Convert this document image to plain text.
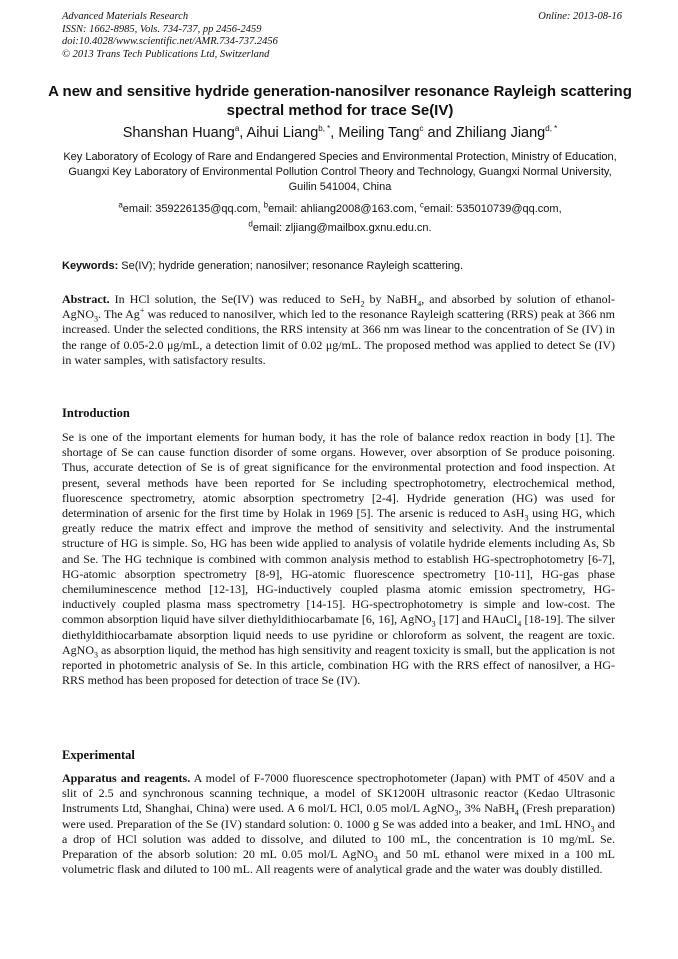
Advanced Materials Research
ISSN: 1662-8985, Vols. 734-737, pp 2456-2459
doi:10.4028/www.scientific.net/AMR.734-737.2456
© 2013 Trans Tech Publications Ltd, Switzerland
Online: 2013-08-16
A new and sensitive hydride generation-nanosilver resonance Rayleigh scattering spectral method for trace Se(IV)
Shanshan Huang$^a$, Aihui Liang$^{b, *}$, Meiling Tang$^c$ and Zhiliang Jiang$^{d, *}$
Key Laboratory of Ecology of Rare and Endangered Species and Environmental Protection, Ministry of Education, Guangxi Key Laboratory of Environmental Pollution Control Theory and Technology, Guangxi Normal University, Guilin 541004, China
$^a$email: 359226135@qq.com, $^b$email: ahliang2008@163.com, $^c$email: 535010739@qq.com,
$^d$email: zljiang@mailbox.gxnu.edu.cn.
Keywords: Se(IV); hydride generation; nanosilver; resonance Rayleigh scattering.
Abstract. In HCl solution, the Se(IV) was reduced to SeH$_2$ by NaBH$_4$, and absorbed by solution of ethanol-AgNO$_3$. The Ag+ was reduced to nanosilver, which led to the resonance Rayleigh scattering (RRS) peak at 366 nm increased. Under the selected conditions, the RRS intensity at 366 nm was linear to the concentration of Se (IV) in the range of 0.05-2.0 μg/mL, a detection limit of 0.02 μg/mL. The proposed method was applied to detect Se (IV) in water samples, with satisfactory results.
Introduction
Se is one of the important elements for human body, it has the role of balance redox reaction in body [1]. The shortage of Se can cause function disorder of some organs. However, over absorption of Se produce poisoning. Thus, accurate detection of Se is of great significance for the environmental protection and food inspection. At present, several methods have been reported for Se including spectrophotometry, electrochemical method, fluorescence spectrometry, atomic absorption spectrometry [2-4]. Hydride generation (HG) was used for determination of arsenic for the first time by Holak in 1969 [5]. The arsenic is reduced to AsH$_3$ using HG, which greatly reduce the matrix effect and improve the method of sensitivity and selectivity. And the instrumental structure of HG is simple. So, HG has been wide applied to analysis of volatile hydride elements including As, Sb and Se. The HG technique is combined with common analysis method to establish HG-spectrophotometry [6-7], HG-atomic absorption spectrometry [8-9], HG-atomic fluorescence spectrometry [10-11], HG-gas phase chemiluminescence method [12-13], HG-inductively coupled plasma atomic emission spectrometry, HG-inductively coupled plasma mass spectrometry [14-15]. HG-spectrophotometry is simple and low-cost. The common absorption liquid have silver diethyldithiocarbamate [6, 16], AgNO$_3$ [17] and HAuCl$_4$ [18-19]. The silver diethyldithiocarbamate absorption liquid needs to use pyridine or chloroform as solvent, the reagent are toxic. AgNO$_3$ as absorption liquid, the method has high sensitivity and reagent toxicity is small, but the application is not reported in photometric analysis of Se. In this article, combination HG with the RRS effect of nanosilver, a HG-RRS method has been proposed for detection of trace Se (IV).
Experimental
Apparatus and reagents. A model of F-7000 fluorescence spectrophotometer (Japan) with PMT of 450V and a slit of 2.5 and synchronous scanning technique, a model of SK1200H ultrasonic reactor (Kedao Ultrasonic Instruments Ltd, Shanghai, China) were used. A 6 mol/L HCl, 0.05 mol/L AgNO$_3$, 3% NaBH$_4$ (Fresh preparation) were used. Preparation of the Se (IV) standard solution: 0. 1000 g Se was added into a beaker, and 1mL $HNO_3$ and a drop of HCl solution was added to dissolve, and diluted to 100 mL, the concentration is 10 mg/mL Se. Preparation of the absorb solution: 20 mL 0.05 mol/L AgNO$_3$ and 50 mL ethanol were mixed in a 100 mL volumetric flask and diluted to 100 mL. All reagents were of analytical grade and the water was doubly distilled.
